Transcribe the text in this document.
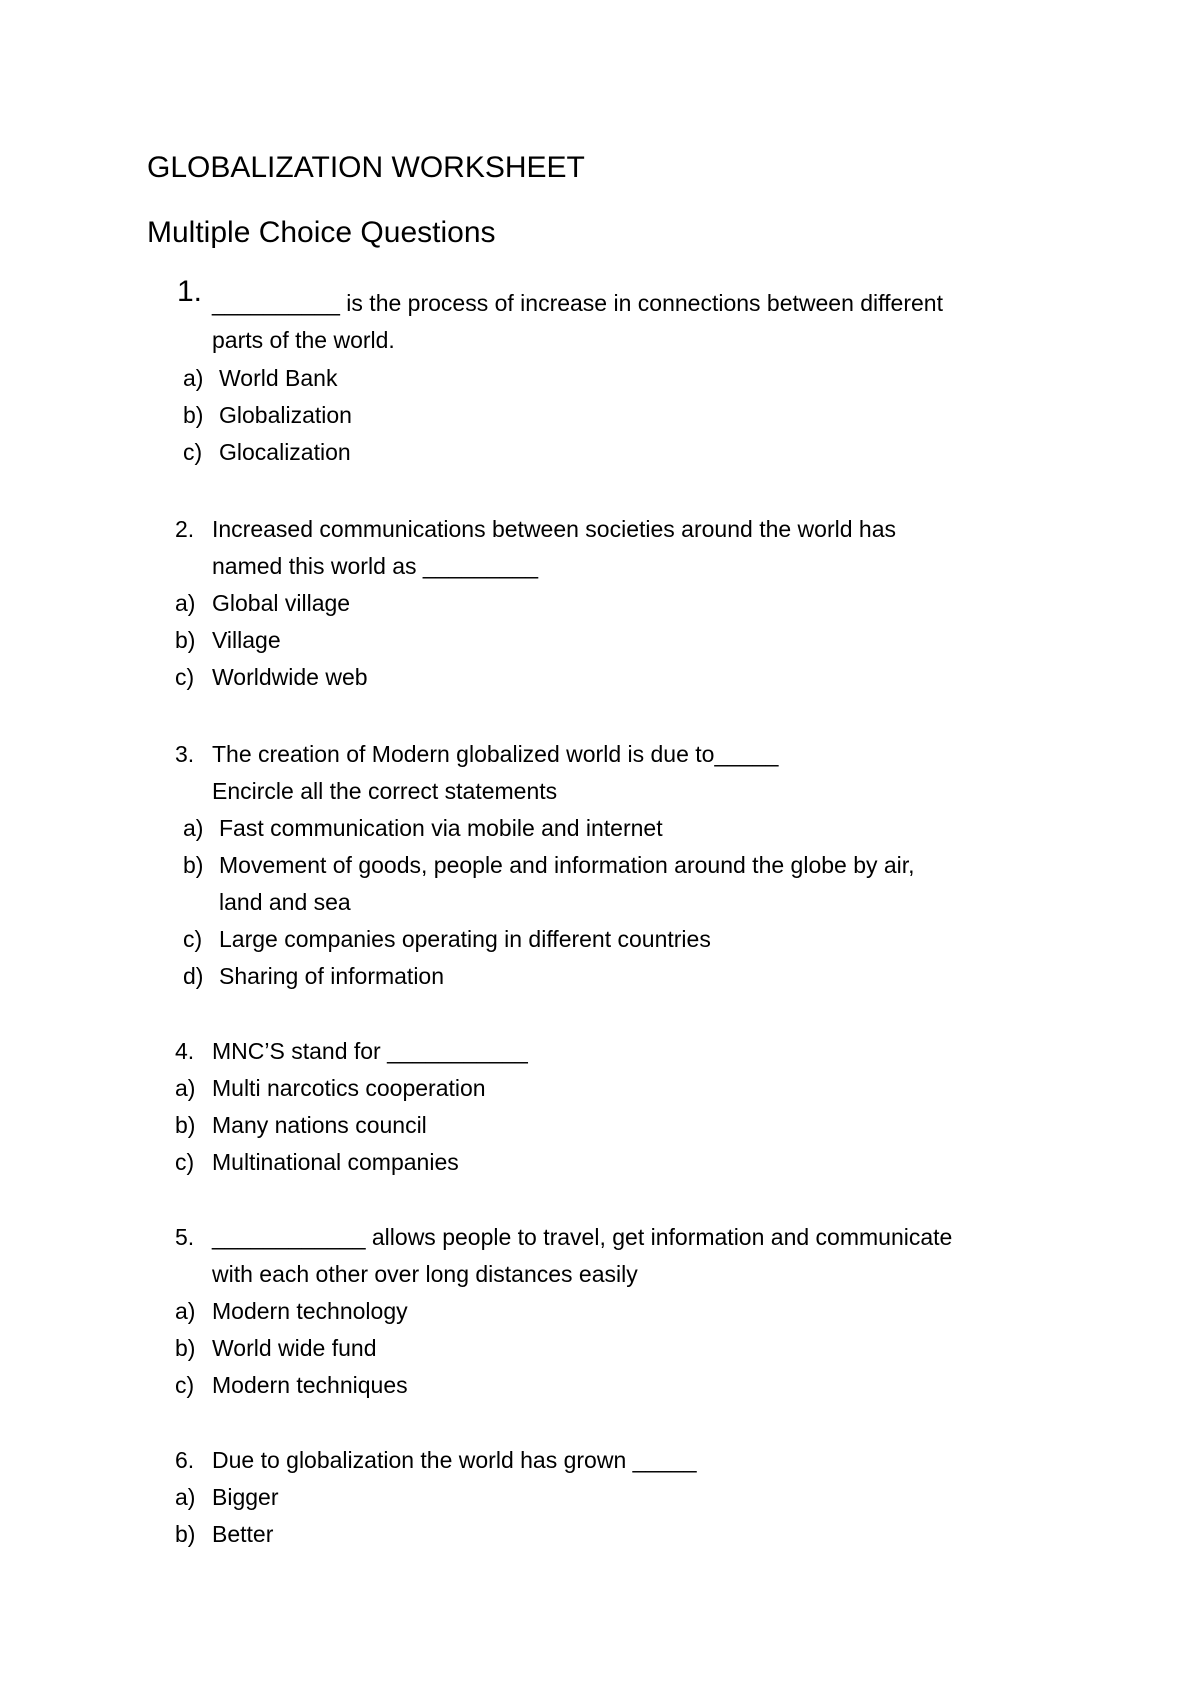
GLOBALIZATION WORKSHEET
Multiple Choice Questions
1. __________ is the process of increase in connections between different
parts of the world.
a) World Bank
b) Globalization
c) Glocalization
2. Increased communications between societies around the world has
named this world as _________
a) Global village
b) Village
c) Worldwide web
3. The creation of Modern globalized world is due to_____
Encircle all the correct statements
a) Fast communication via mobile and internet
b) Movement of goods, people and information around the globe by air,
land and sea
c) Large companies operating in different countries
d) Sharing of information
4. MNC’S stand for ___________
a) Multi narcotics cooperation
b) Many nations council
c) Multinational companies
5. ____________ allows people to travel, get information and communicate
with each other over long distances easily
a) Modern technology
b) World wide fund
c) Modern techniques
6. Due to globalization the world has grown _____
a) Bigger
b) Better
